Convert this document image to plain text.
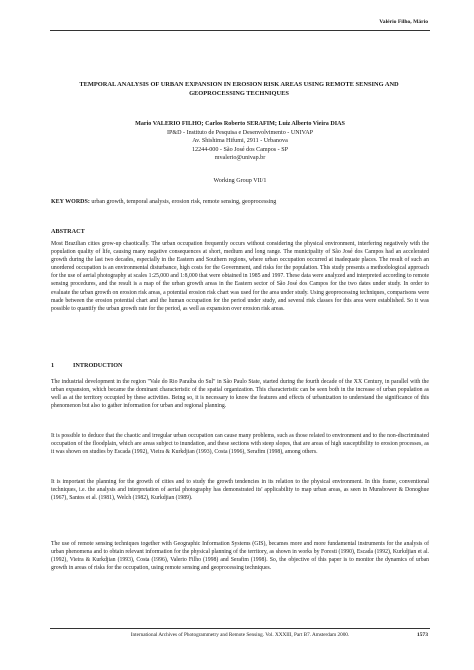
Valério Filho, Mário
TEMPORAL ANALYSIS OF URBAN EXPANSION IN EROSION RISK AREAS USING REMOTE SENSING AND GEOPROCESSING TECHNIQUES
Mario VALERIO FILHO; Carlos Roberto SERAFIM; Luiz Alberto Vieira DIAS
IP&D - Instituto de Pesquisa e Desenvolvimento - UNIVAP
Av. Shishima Hifumi, 2911 - Urbanova
12244-000 - São José dos Campos - SP
mvalerio@univap.br
Working Group VII/1
KEY WORDS: urban growth, temporal analysis, erosion risk, remote sensing, geoprocessing
ABSTRACT
Most Brazilian cities grow-up chaotically. The urban occupation frequently occurs without considering the physical environment, interfering negatively with the population quality of life, causing many negative consequences at short, medium and long range. The municipality of São José dos Campos had an accelerated growth during the last two decades, especially in the Eastern and Southern regions, where urban occupation occurred at inadequate places. The result of such an unordered occupation is an environmental disturbance, high costs for the Government, and risks for the population. This study presents a methodological approach for the use of aerial photography at scales 1:25,000 and 1:8,000 that were obtained in 1985 and 1997. These data were analyzed and interpreted according to remote sensing procedures, and the result is a map of the urban growth areas in the Eastern sector of São José dos Campos for the two dates under study. In order to evaluate the urban growth on erosion risk areas, a potential erosion risk chart was used for the area under study. Using geoprocessing techniques, comparisons were made between the erosion potential chart and the human occupation for the period under study, and several risk classes for this area were established. So it was possible to quantify the urban growth rate for the period, as well as expansion over erosion risk areas.
1	INTRODUCTION
The industrial development in the region "Vale do Rio Paraíba do Sul" in São Paulo State, started during the fourth decade of the XX Century, in parallel with the urban expansion, which became the dominant characteristic of the spatial organization. This characteristic can be seen both in the increase of urban population as well as at the territory occupied by these activities. Being so, it is necessary to know the features and effects of urbanization to understand the significance of this phenomenon but also to gather information for urban and regional planning.
It is possible to deduce that the chaotic and irregular urban occupation can cause many problems, such as those related to environment and to the non-discriminated occupation of the floodplain, which are areas subject to inundation, and these sections with steep slopes, that are areas of high susceptibility to erosion processes, as it was shown on studies by Escada (1992), Vieira & Kurkdjian (1993), Costa (1996), Serafim (1998), among others.
It is important the planning for the growth of cities and to study the growth tendencies in its relation to the physical environment. In this frame, conventional techniques, i.e. the analysis and interpretation of aerial photography has demonstrated its' applicability to map urban areas, as seen in Munsbower & Donoghue (1967), Santos et al. (1981), Welch (1982), Kurkdjian (1989).
The use of remote sensing techniques together with Geographic Information Systems (GIS), becames more and more fundamental instruments for the analysis of urban phenomena and to obtain relevant information for the physical planning of the territory, as shown in works by Foresti (1990), Escada (1992), Kurkdjian et al. (1992), Vieira & Kurkdjian (1993), Costa (1996), Valerio Filho (1998) and Serafim (1998). So, the objective of this paper is to monitor the dynamics of urban growth in areas of risks for the occupation, using remote sensing and geoprocessing techniques.
International Archives of Photogrammetry and Remote Sensing. Vol. XXXIII, Part B7. Amsterdam 2000.	1573
